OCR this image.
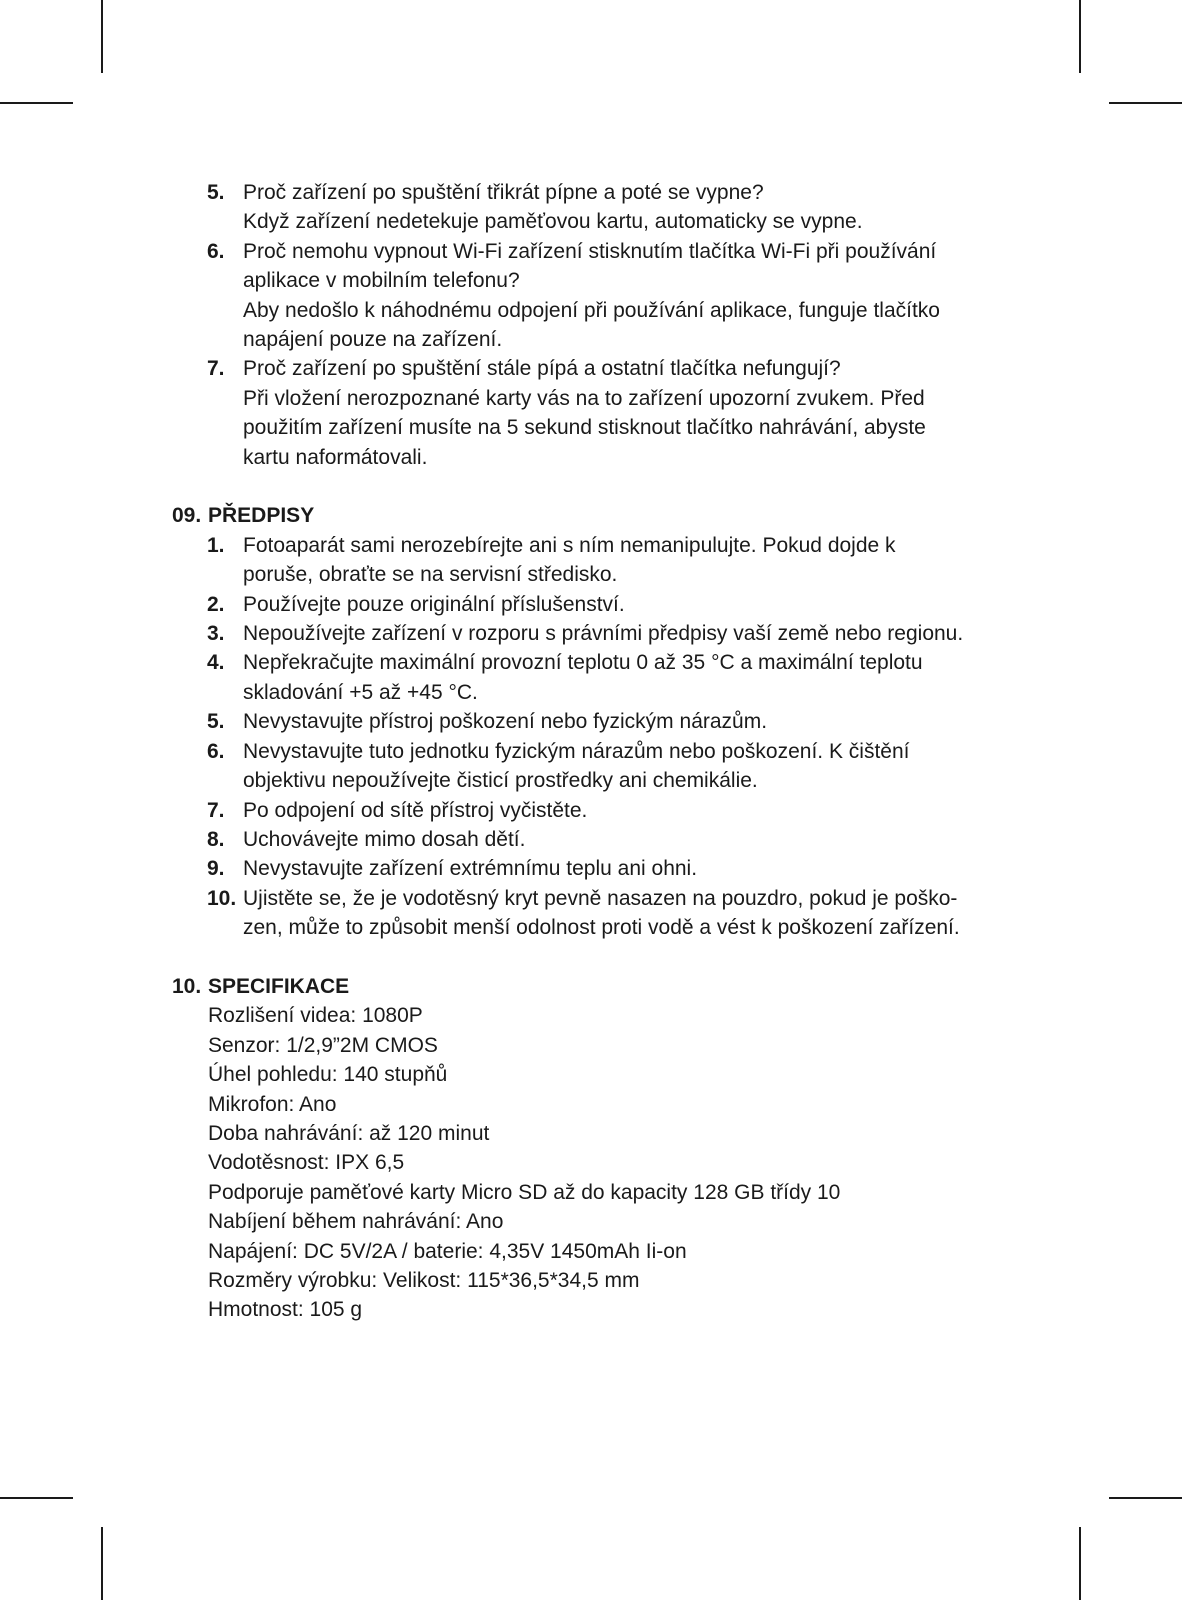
5. Proč zařízení po spuštění třikrát pípne a poté se vypne?
Když zařízení nedetekuje paměťovou kartu, automaticky se vypne.
6. Proč nemohu vypnout Wi-Fi zařízení stisknutím tlačítka Wi-Fi při používání
aplikace v mobilním telefonu?
Aby nedošlo k náhodnému odpojení při používání aplikace, funguje tlačítko
napájení pouze na zařízení.
7. Proč zařízení po spuštění stále pípá a ostatní tlačítka nefungují?
Při vložení nerozpoznané karty vás na to zařízení upozorní zvukem. Před
použitím zařízení musíte na 5 sekund stisknout tlačítko nahrávání, abyste
kartu naformátovali.
09. PŘEDPISY
1. Fotoaparát sami nerozebírejte ani s ním nemanipulujte. Pokud dojde k
poruše, obraťte se na servisní středisko.
2. Používejte pouze originální příslušenství.
3. Nepoužívejte zařízení v rozporu s právními předpisy vaší země nebo regionu.
4. Nepřekračujte maximální provozní teplotu 0 až 35 °C a maximální teplotu
skladování +5 až +45 °C.
5. Nevystavujte přístroj poškození nebo fyzickým nárazům.
6. Nevystavujte tuto jednotku fyzickým nárazům nebo poškození. K čištění
objektivu nepoužívejte čisticí prostředky ani chemikálie.
7. Po odpojení od sítě přístroj vyčistěte.
8. Uchovávejte mimo dosah dětí.
9. Nevystavujte zařízení extrémnímu teplu ani ohni.
10. Ujistěte se, že je vodotěsný kryt pevně nasazen na pouzdro, pokud je poško-
zen, může to způsobit menší odolnost proti vodě a vést k poškození zařízení.
10. SPECIFIKACE
Rozlišení videa: 1080P
Senzor: 1/2,9”2M CMOS
Úhel pohledu: 140 stupňů
Mikrofon: Ano
Doba nahrávání: až 120 minut
Vodotěsnost: IPX 6,5
Podporuje paměťové karty Micro SD až do kapacity 128 GB třídy 10
Nabíjení během nahrávání: Ano
Napájení: DC 5V/2A / baterie: 4,35V 1450mAh Ii-on
Rozměry výrobku: Velikost: 115*36,5*34,5 mm
Hmotnost: 105 g
